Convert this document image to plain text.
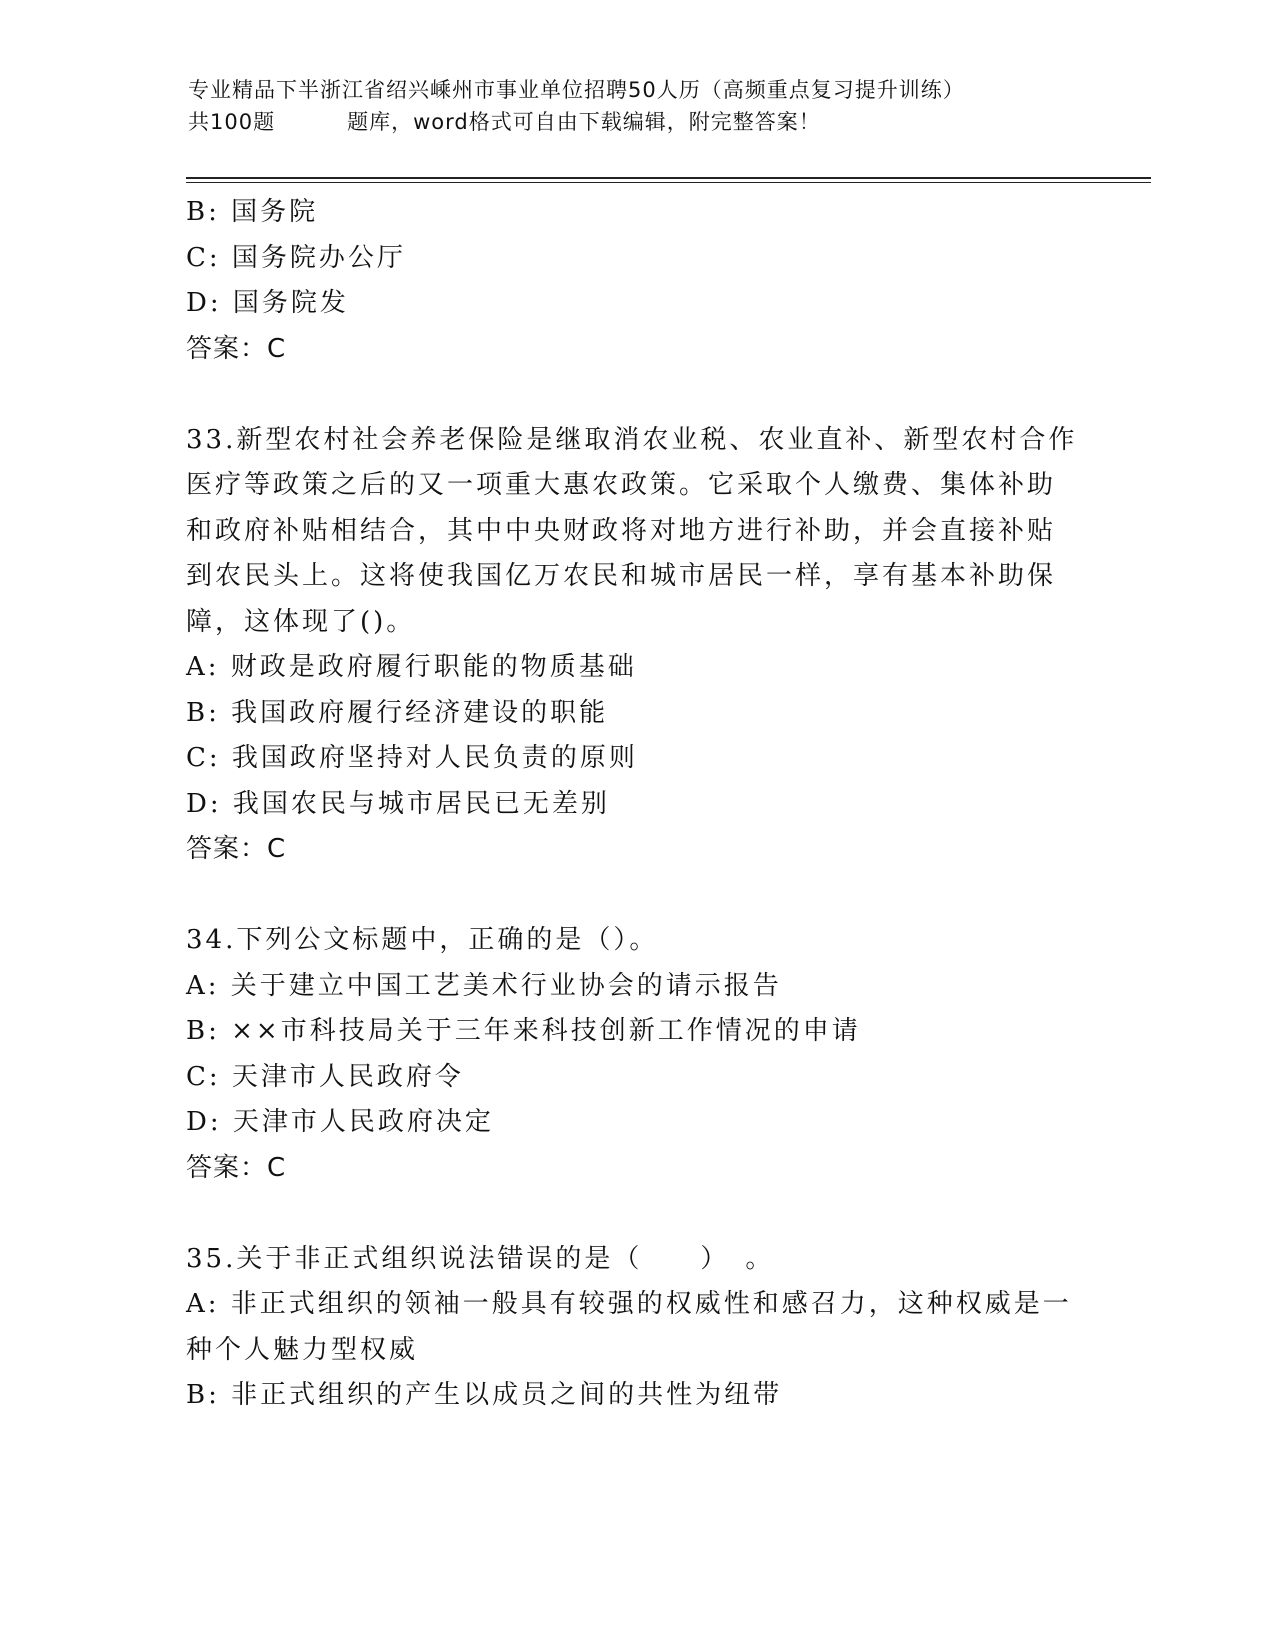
专业精品下半浙江省绍兴嵊州市事业单位招聘50人历（高频重点复习提升训练）
共100题	题库，word格式可自由下载编辑，附完整答案！
B: 国务院
C: 国务院办公厅
D: 国务院发
答案：C
33.新型农村社会养老保险是继取消农业税、农业直补、新型农村合作
医疗等政策之后的又一项重大惠农政策。它采取个人缴费、集体补助
和政府补贴相结合，其中中央财政将对地方进行补助，并会直接补贴
到农民头上。这将使我国亿万农民和城市居民一样，享有基本补助保
障，这体现了()。
A: 财政是政府履行职能的物质基础
B: 我国政府履行经济建设的职能
C: 我国政府坚持对人民负责的原则
D: 我国农民与城市居民已无差别
答案：C
34.下列公文标题中，正确的是（）。
A: 关于建立中国工艺美术行业协会的请示报告
B: ××市科技局关于三年来科技创新工作情况的申请
C: 天津市人民政府令
D: 天津市人民政府决定
答案：C
35.关于非正式组织说法错误的是（　　）　。
A: 非正式组织的领袖一般具有较强的权威性和感召力，这种权威是一
种个人魅力型权威
B: 非正式组织的产生以成员之间的共性为纽带
